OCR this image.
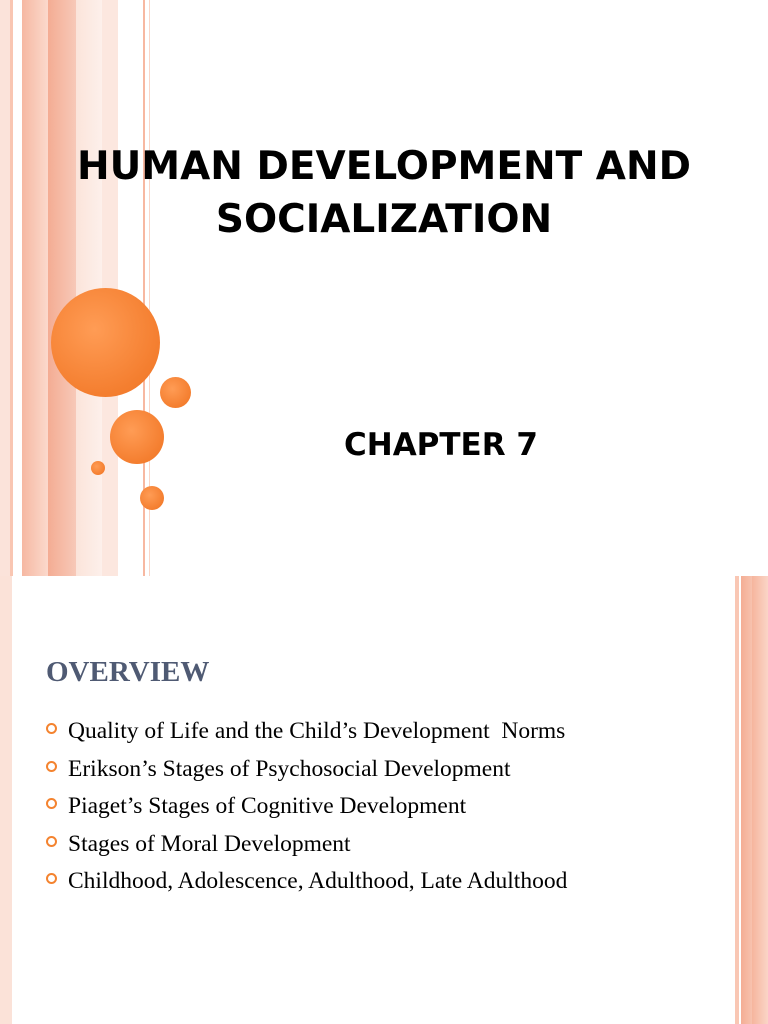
HUMAN DEVELOPMENT AND
SOCIALIZATION
CHAPTER 7
OVERVIEW
Quality of Life and the Child’s Development  Norms
Erikson’s Stages of Psychosocial Development
Piaget’s Stages of Cognitive Development
Stages of Moral Development
Childhood, Adolescence, Adulthood, Late Adulthood
